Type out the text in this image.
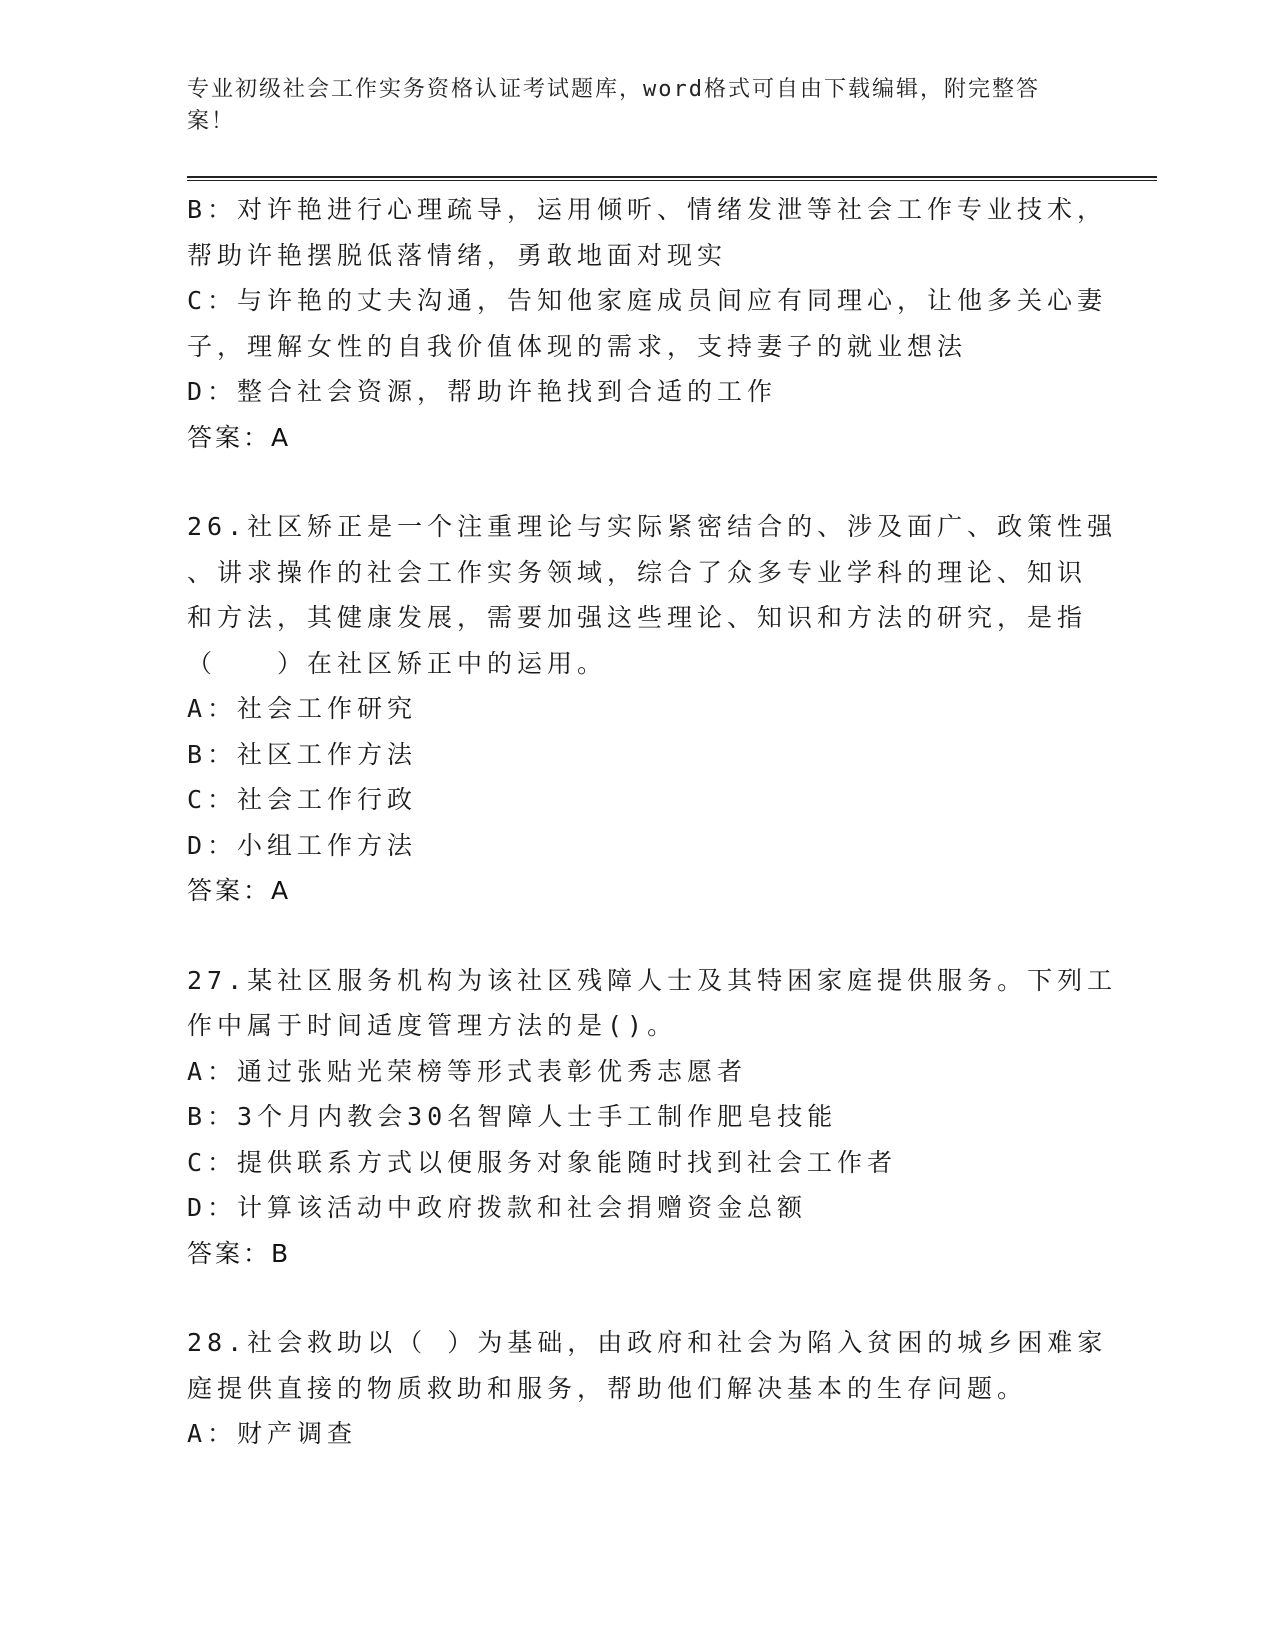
专业初级社会工作实务资格认证考试题库，word格式可自由下载编辑，附完整答案！
B：对许艳进行心理疏导，运用倾听、情绪发泄等社会工作专业技术，
帮助许艳摆脱低落情绪，勇敢地面对现实
C：与许艳的丈夫沟通，告知他家庭成员间应有同理心，让他多关心妻
子，理解女性的自我价值体现的需求，支持妻子的就业想法
D：整合社会资源，帮助许艳找到合适的工作
答案：A
26.社区矫正是一个注重理论与实际紧密结合的、涉及面广、政策性强
、讲求操作的社会工作实务领域，综合了众多专业学科的理论、知识
和方法，其健康发展，需要加强这些理论、知识和方法的研究，是指
（　　）在社区矫正中的运用。
A：社会工作研究
B：社区工作方法
C：社会工作行政
D：小组工作方法
答案：A
27.某社区服务机构为该社区残障人士及其特困家庭提供服务。下列工
作中属于时间适度管理方法的是()。
A：通过张贴光荣榜等形式表彰优秀志愿者
B：3个月内教会30名智障人士手工制作肥皂技能
C：提供联系方式以便服务对象能随时找到社会工作者
D：计算该活动中政府拨款和社会捐赠资金总额
答案：B
28.社会救助以（ ）为基础，由政府和社会为陷入贫困的城乡困难家
庭提供直接的物质救助和服务，帮助他们解决基本的生存问题。
A：财产调查
